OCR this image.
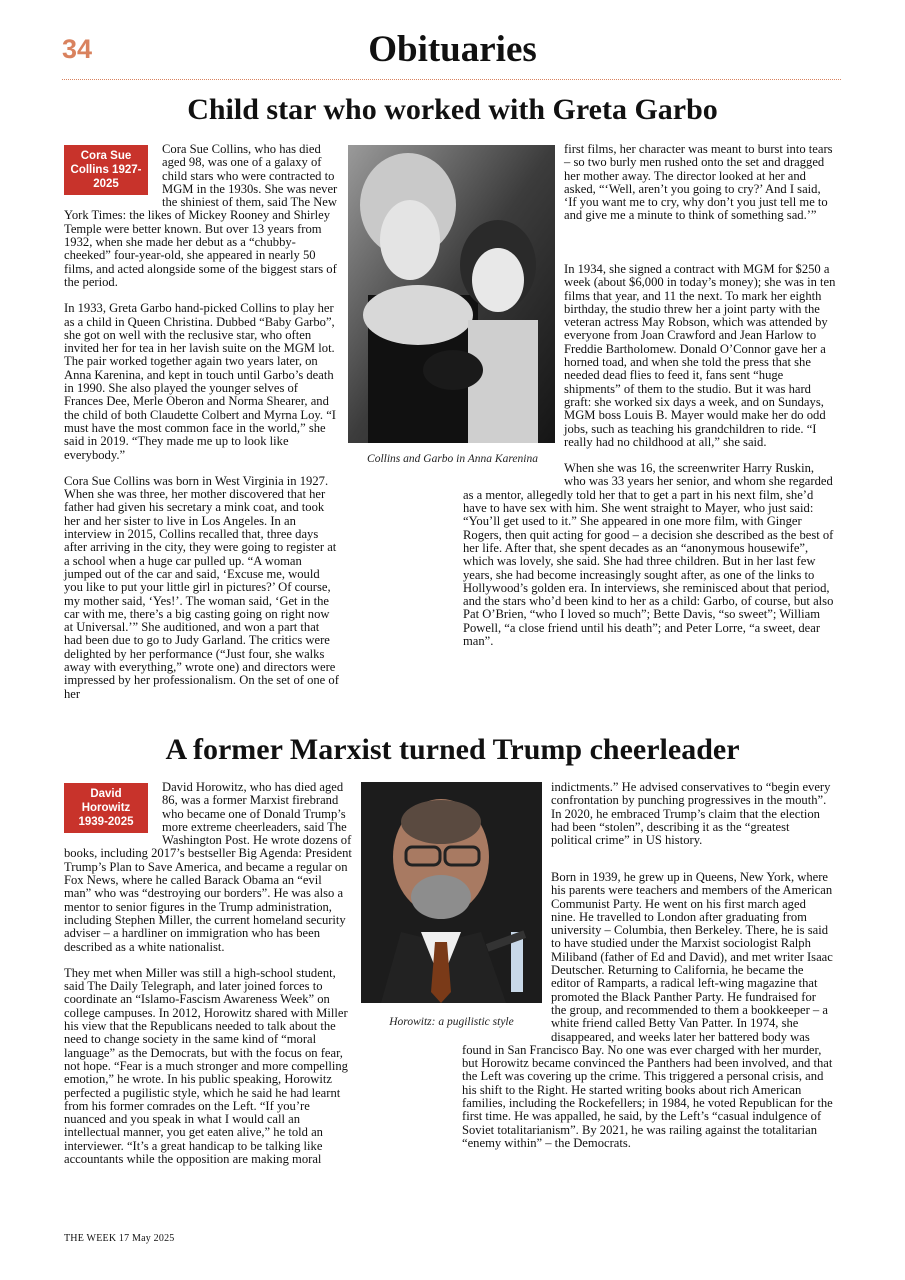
34	Obituaries
Child star who worked with Greta Garbo
Cora Sue Collins 1927-2025

Cora Sue Collins, who has died aged 98, was one of a galaxy of child stars who were contracted to MGM in the 1930s. She was never the shiniest of them, said The New York Times: the likes of Mickey Rooney and Shirley Temple were better known. But over 13 years from 1932, when she made her debut as a “chubby-cheeked” four-year-old, she appeared in nearly 50 films, and acted alongside some of the biggest stars of the period.

In 1933, Greta Garbo hand-picked Collins to play her as a child in Queen Christina. Dubbed “Baby Garbo”, she got on well with the reclusive star, who often invited her for tea in her lavish suite on the MGM lot. The pair worked together again two years later, on Anna Karenina, and kept in touch until Garbo’s death in 1990. She also played the younger selves of Frances Dee, Merle Oberon and Norma Shearer, and the child of both Claudette Colbert and Myrna Loy. “I must have the most common face in the world,” she said in 2019. “They made me up to look like everybody.”

Cora Sue Collins was born in West Virginia in 1927. When she was three, her mother discovered that her father had given his secretary a mink coat, and took her and her sister to live in Los Angeles. In an interview in 2015, Collins recalled that, three days after arriving in the city, they were going to register at a school when a huge car pulled up. “A woman jumped out of the car and said, ‘Excuse me, would you like to put your little girl in pictures?’ Of course, my mother said, ‘Yes!’. The woman said, ‘Get in the car with me, there’s a big casting going on right now at Universal.’” She auditioned, and won a part that had been due to go to Judy Garland. The critics were delighted by her performance (“Just four, she walks away with everything,” wrote one) and directors were impressed by her professionalism. On the set of one of her

Collins and Garbo in Anna Karenina

first films, her character was meant to burst into tears – so two burly men rushed onto the set and dragged her mother away. The director looked at her and asked, “‘Well, aren’t you going to cry?’ And I said, ‘If you want me to cry, why don’t you just tell me to and give me a minute to think of something sad.’”

In 1934, she signed a contract with MGM for $250 a week (about $6,000 in today’s money); she was in ten films that year, and 11 the next. To mark her eighth birthday, the studio threw her a joint party with the veteran actress May Robson, which was attended by everyone from Joan Crawford and Jean Harlow to Freddie Bartholomew. Donald O’Connor gave her a horned toad, and when she told the press that she needed dead flies to feed it, fans sent “huge shipments” of them to the studio. But it was hard graft: she worked six days a week, and on Sundays, MGM boss Louis B. Mayer would make her do odd jobs, such as teaching his grandchildren to ride. “I really had no childhood at all,” she said.

When she was 16, the screenwriter Harry Ruskin, who was 33 years her senior, and whom she regarded as a mentor, allegedly told her that to get a part in his next film, she’d have to have sex with him. She went straight to Mayer, who just said: “You’ll get used to it.” She appeared in one more film, with Ginger Rogers, then quit acting for good – a decision she described as the best of her life. After that, she spent decades as an “anonymous housewife”, which was lovely, she said. She had three children. But in her last few years, she had become increasingly sought after, as one of the links to Hollywood’s golden era. In interviews, she reminisced about that period, and the stars who’d been kind to her as a child: Garbo, of course, but also Pat O’Brien, “who I loved so much”; Bette Davis, “so sweet”; William Powell, “a close friend until his death”; and Peter Lorre, “a sweet, dear man”.

A former Marxist turned Trump cheerleader
David Horowitz 1939-2025

David Horowitz, who has died aged 86, was a former Marxist firebrand who became one of Donald Trump’s more extreme cheerleaders, said The Washington Post. He wrote dozens of books, including 2017’s bestseller Big Agenda: President Trump’s Plan to Save America, and became a regular on Fox News, where he called Barack Obama an “evil man” who was “destroying our borders”. He was also a mentor to senior figures in the Trump administration, including Stephen Miller, the current homeland security adviser – a hardliner on immigration who has been described as a white nationalist.

They met when Miller was still a high-school student, said The Daily Telegraph, and later joined forces to coordinate an “Islamo-Fascism Awareness Week” on college campuses. In 2012, Horowitz shared with Miller his view that the Republicans needed to talk about the need to change society in the same kind of “moral language” as the Democrats, but with the focus on fear, not hope. “Fear is a much stronger and more compelling emotion,” he wrote. In his public speaking, Horowitz perfected a pugilistic style, which he said he had learnt from his former comrades on the Left. “If you’re nuanced and you speak in what I would call an intellectual manner, you get eaten alive,” he told an interviewer. “It’s a great handicap to be talking like accountants while the opposition are making moral

Horowitz: a pugilistic style

indictments.” He advised conservatives to “begin every confrontation by punching progressives in the mouth”. In 2020, he embraced Trump’s claim that the election had been “stolen”, describing it as the “greatest political crime” in US history.

Born in 1939, he grew up in Queens, New York, where his parents were teachers and members of the American Communist Party. He went on his first march aged nine. He travelled to London after graduating from university – Columbia, then Berkeley. There, he is said to have studied under the Marxist sociologist Ralph Miliband (father of Ed and David), and met writer Isaac Deutscher. Returning to California, he became the editor of Ramparts, a radical left-wing magazine that promoted the Black Panther Party. He fundraised for the group, and recommended to them a bookkeeper – a white friend called Betty Van Patter. In 1974, she disappeared, and weeks later her battered body was found in San Francisco Bay. No one was ever charged with her murder, but Horowitz became convinced the Panthers had been involved, and that the Left was covering up the crime. This triggered a personal crisis, and his shift to the Right. He started writing books about rich American families, including the Rockefellers; in 1984, he voted Republican for the first time. He was appalled, he said, by the Left’s “casual indulgence of Soviet totalitarianism”. By 2021, he was railing against the totalitarian “enemy within” – the Democrats.

THE WEEK 17 May 2025
